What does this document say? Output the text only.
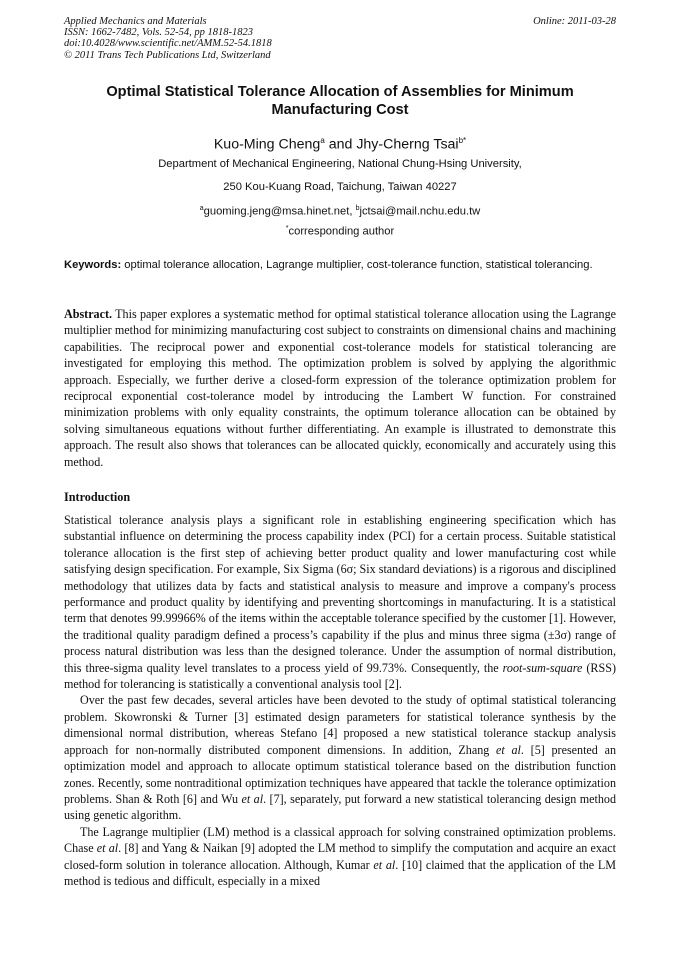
Applied Mechanics and Materials
ISSN: 1662-7482, Vols. 52-54, pp 1818-1823
doi:10.4028/www.scientific.net/AMM.52-54.1818
© 2011 Trans Tech Publications Ltd, Switzerland
Online: 2011-03-28
Optimal Statistical Tolerance Allocation of Assemblies for Minimum Manufacturing Cost
Kuo-Ming Cheng$^a$ and Jhy-Cherng Tsai$^{b*}$
Department of Mechanical Engineering, National Chung-Hsing University,
250 Kou-Kuang Road, Taichung, Taiwan 40227
$^a$guoming.jeng@msa.hinet.net, $^b$jctsai@mail.nchu.edu.tw
*corresponding author
Keywords: optimal tolerance allocation, Lagrange multiplier, cost-tolerance function, statistical tolerancing.

Abstract. This paper explores a systematic method for optimal statistical tolerance allocation using the Lagrange multiplier method for minimizing manufacturing cost subject to constraints on dimensional chains and machining capabilities. The reciprocal power and exponential cost-tolerance models for statistical tolerancing are investigated for employing this method. The optimization problem is solved by applying the algorithmic approach. Especially, we further derive a closed-form expression of the tolerance optimization problem for reciprocal exponential cost-tolerance model by introducing the Lambert W function. For constrained minimization problems with only equality constraints, the optimum tolerance allocation can be obtained by solving simultaneous equations without further differentiating. An example is illustrated to demonstrate this approach. The result also shows that tolerances can be allocated quickly, economically and accurately using this method.

Introduction

Statistical tolerance analysis plays a significant role in establishing engineering specification which has substantial influence on determining the process capability index (PCI) for a certain process. Suitable statistical tolerance allocation is the first step of achieving better product quality and lower manufacturing cost while satisfying design specification. For example, Six Sigma (6σ; Six standard deviations) is a rigorous and disciplined methodology that utilizes data by facts and statistical analysis to measure and improve a company's process performance and product quality by identifying and preventing shortcomings in manufacturing. It is a statistical term that denotes 99.99966% of the items within the acceptable tolerance specified by the customer [1]. However, the traditional quality paradigm defined a process’s capability if the plus and minus three sigma (±3σ) range of process natural distribution was less than the designed tolerance. Under the assumption of normal distribution, this three-sigma quality level translates to a process yield of 99.73%. Consequently, the root-sum-square (RSS) method for tolerancing is statistically a conventional analysis tool [2].

Over the past few decades, several articles have been devoted to the study of optimal statistical tolerancing problem. Skowronski & Turner [3] estimated design parameters for statistical tolerance synthesis by the dimensional normal distribution, whereas Stefano [4] proposed a new statistical tolerance stackup analysis approach for non-normally distributed component dimensions. In addition, Zhang et al. [5] presented an optimization model and approach to allocate optimum statistical tolerance based on the distribution function zones. Recently, some nontraditional optimization techniques have appeared that tackle the tolerance optimization problems. Shan & Roth [6] and Wu et al. [7], separately, put forward a new statistical tolerancing design method using genetic algorithm.

The Lagrange multiplier (LM) method is a classical approach for solving constrained optimization problems. Chase et al. [8] and Yang & Naikan [9] adopted the LM method to simplify the computation and acquire an exact closed-form solution in tolerance allocation. Although, Kumar et al. [10] claimed that the application of the LM method is tedious and difficult, especially in a mixed
